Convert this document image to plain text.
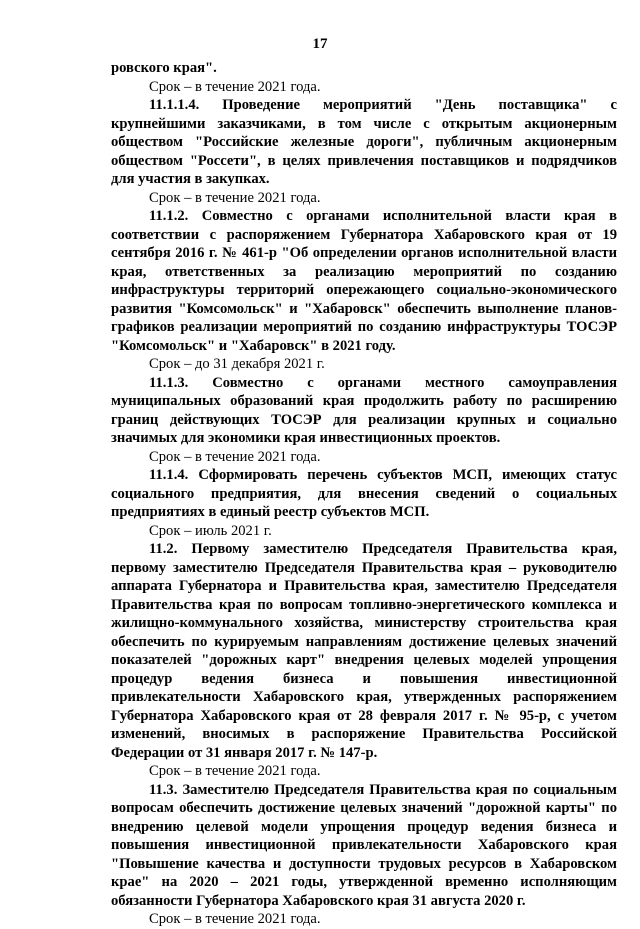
17

ровского края".

Срок – в течение 2021 года.

11.1.1.4. Проведение мероприятий "День поставщика" с крупнейшими заказчиками, в том числе с открытым акционерным обществом "Российские железные дороги", публичным акционерным обществом "Россети", в целях привлечения поставщиков и подрядчиков для участия в закупках.

Срок – в течение 2021 года.

11.1.2. Совместно с органами исполнительной власти края в соответствии с распоряжением Губернатора Хабаровского края от 19 сентября 2016 г. № 461-р "Об определении органов исполнительной власти края, ответственных за реализацию мероприятий по созданию инфраструктуры территорий опережающего социально-экономического развития "Комсомольск" и "Хабаровск" обеспечить выполнение планов-графиков реализации мероприятий по созданию инфраструктуры ТОСЭР "Комсомольск" и "Хабаровск" в 2021 году.

Срок – до 31 декабря 2021 г.

11.1.3. Совместно с органами местного самоуправления муниципальных образований края продолжить работу по расширению границ действующих ТОСЭР для реализации крупных и социально значимых для экономики края инвестиционных проектов.

Срок – в течение 2021 года.

11.1.4. Сформировать перечень субъектов МСП, имеющих статус социального предприятия, для внесения сведений о социальных предприятиях в единый реестр субъектов МСП.

Срок – июль 2021 г.

11.2. Первому заместителю Председателя Правительства края, первому заместителю Председателя Правительства края – руководителю аппарата Губернатора и Правительства края, заместителю Председателя Правительства края по вопросам топливно-энергетического комплекса и жилищно-коммунального хозяйства, министерству строительства края обеспечить по курируемым направлениям достижение целевых значений показателей "дорожных карт" внедрения целевых моделей упрощения процедур ведения бизнеса и повышения инвестиционной привлекательности Хабаровского края, утвержденных распоряжением Губернатора Хабаровского края от 28 февраля 2017 г. № 95-р, с учетом изменений, вносимых в распоряжение Правительства Российской Федерации от 31 января 2017 г. № 147-р.

Срок – в течение 2021 года.

11.3. Заместителю Председателя Правительства края по социальным вопросам обеспечить достижение целевых значений "дорожной карты" по внедрению целевой модели упрощения процедур ведения бизнеса и повышения инвестиционной привлекательности Хабаровского края "Повышение качества и доступности трудовых ресурсов в Хабаровском крае" на 2020 – 2021 годы, утвержденной временно исполняющим обязанности Губернатора Хабаровского края 31 августа 2020 г.

Срок – в течение 2021 года.
